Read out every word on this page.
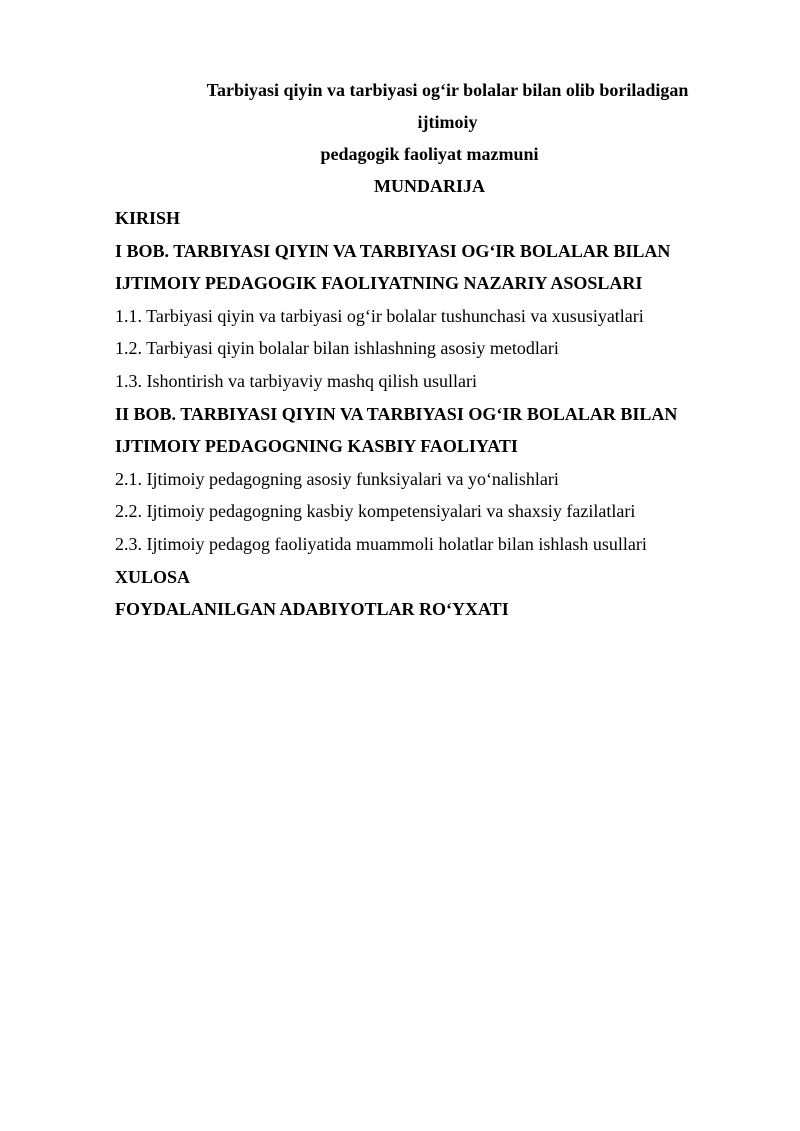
Tarbiyasi qiyin va tarbiyasi og‘ir bolalar bilan olib boriladigan ijtimoiy
pedagogik faoliyat mazmuni
MUNDARIJA
KIRISH
I BOB. TARBIYASI QIYIN VA TARBIYASI OG‘IR BOLALAR BILAN
IJTIMOIY PEDAGOGIK FAOLIYATNING NAZARIY ASOSLARI
1.1. Tarbiyasi qiyin va tarbiyasi og‘ir bolalar tushunchasi va xususiyatlari
1.2. Tarbiyasi qiyin bolalar bilan ishlashning asosiy metodlari
1.3. Ishontirish va tarbiyaviy mashq qilish usullari
II BOB. TARBIYASI QIYIN VA TARBIYASI OG‘IR BOLALAR BILAN
IJTIMOIY PEDAGOGNING KASBIY FAOLIYATI
2.1. Ijtimoiy pedagogning asosiy funksiyalari va yo‘nalishlari
2.2. Ijtimoiy pedagogning kasbiy kompetensiyalari va shaxsiy fazilatlari
2.3. Ijtimoiy pedagog faoliyatida muammoli holatlar bilan ishlash usullari
XULOSA
FOYDALANILGAN ADABIYOTLAR RO‘YXATI
